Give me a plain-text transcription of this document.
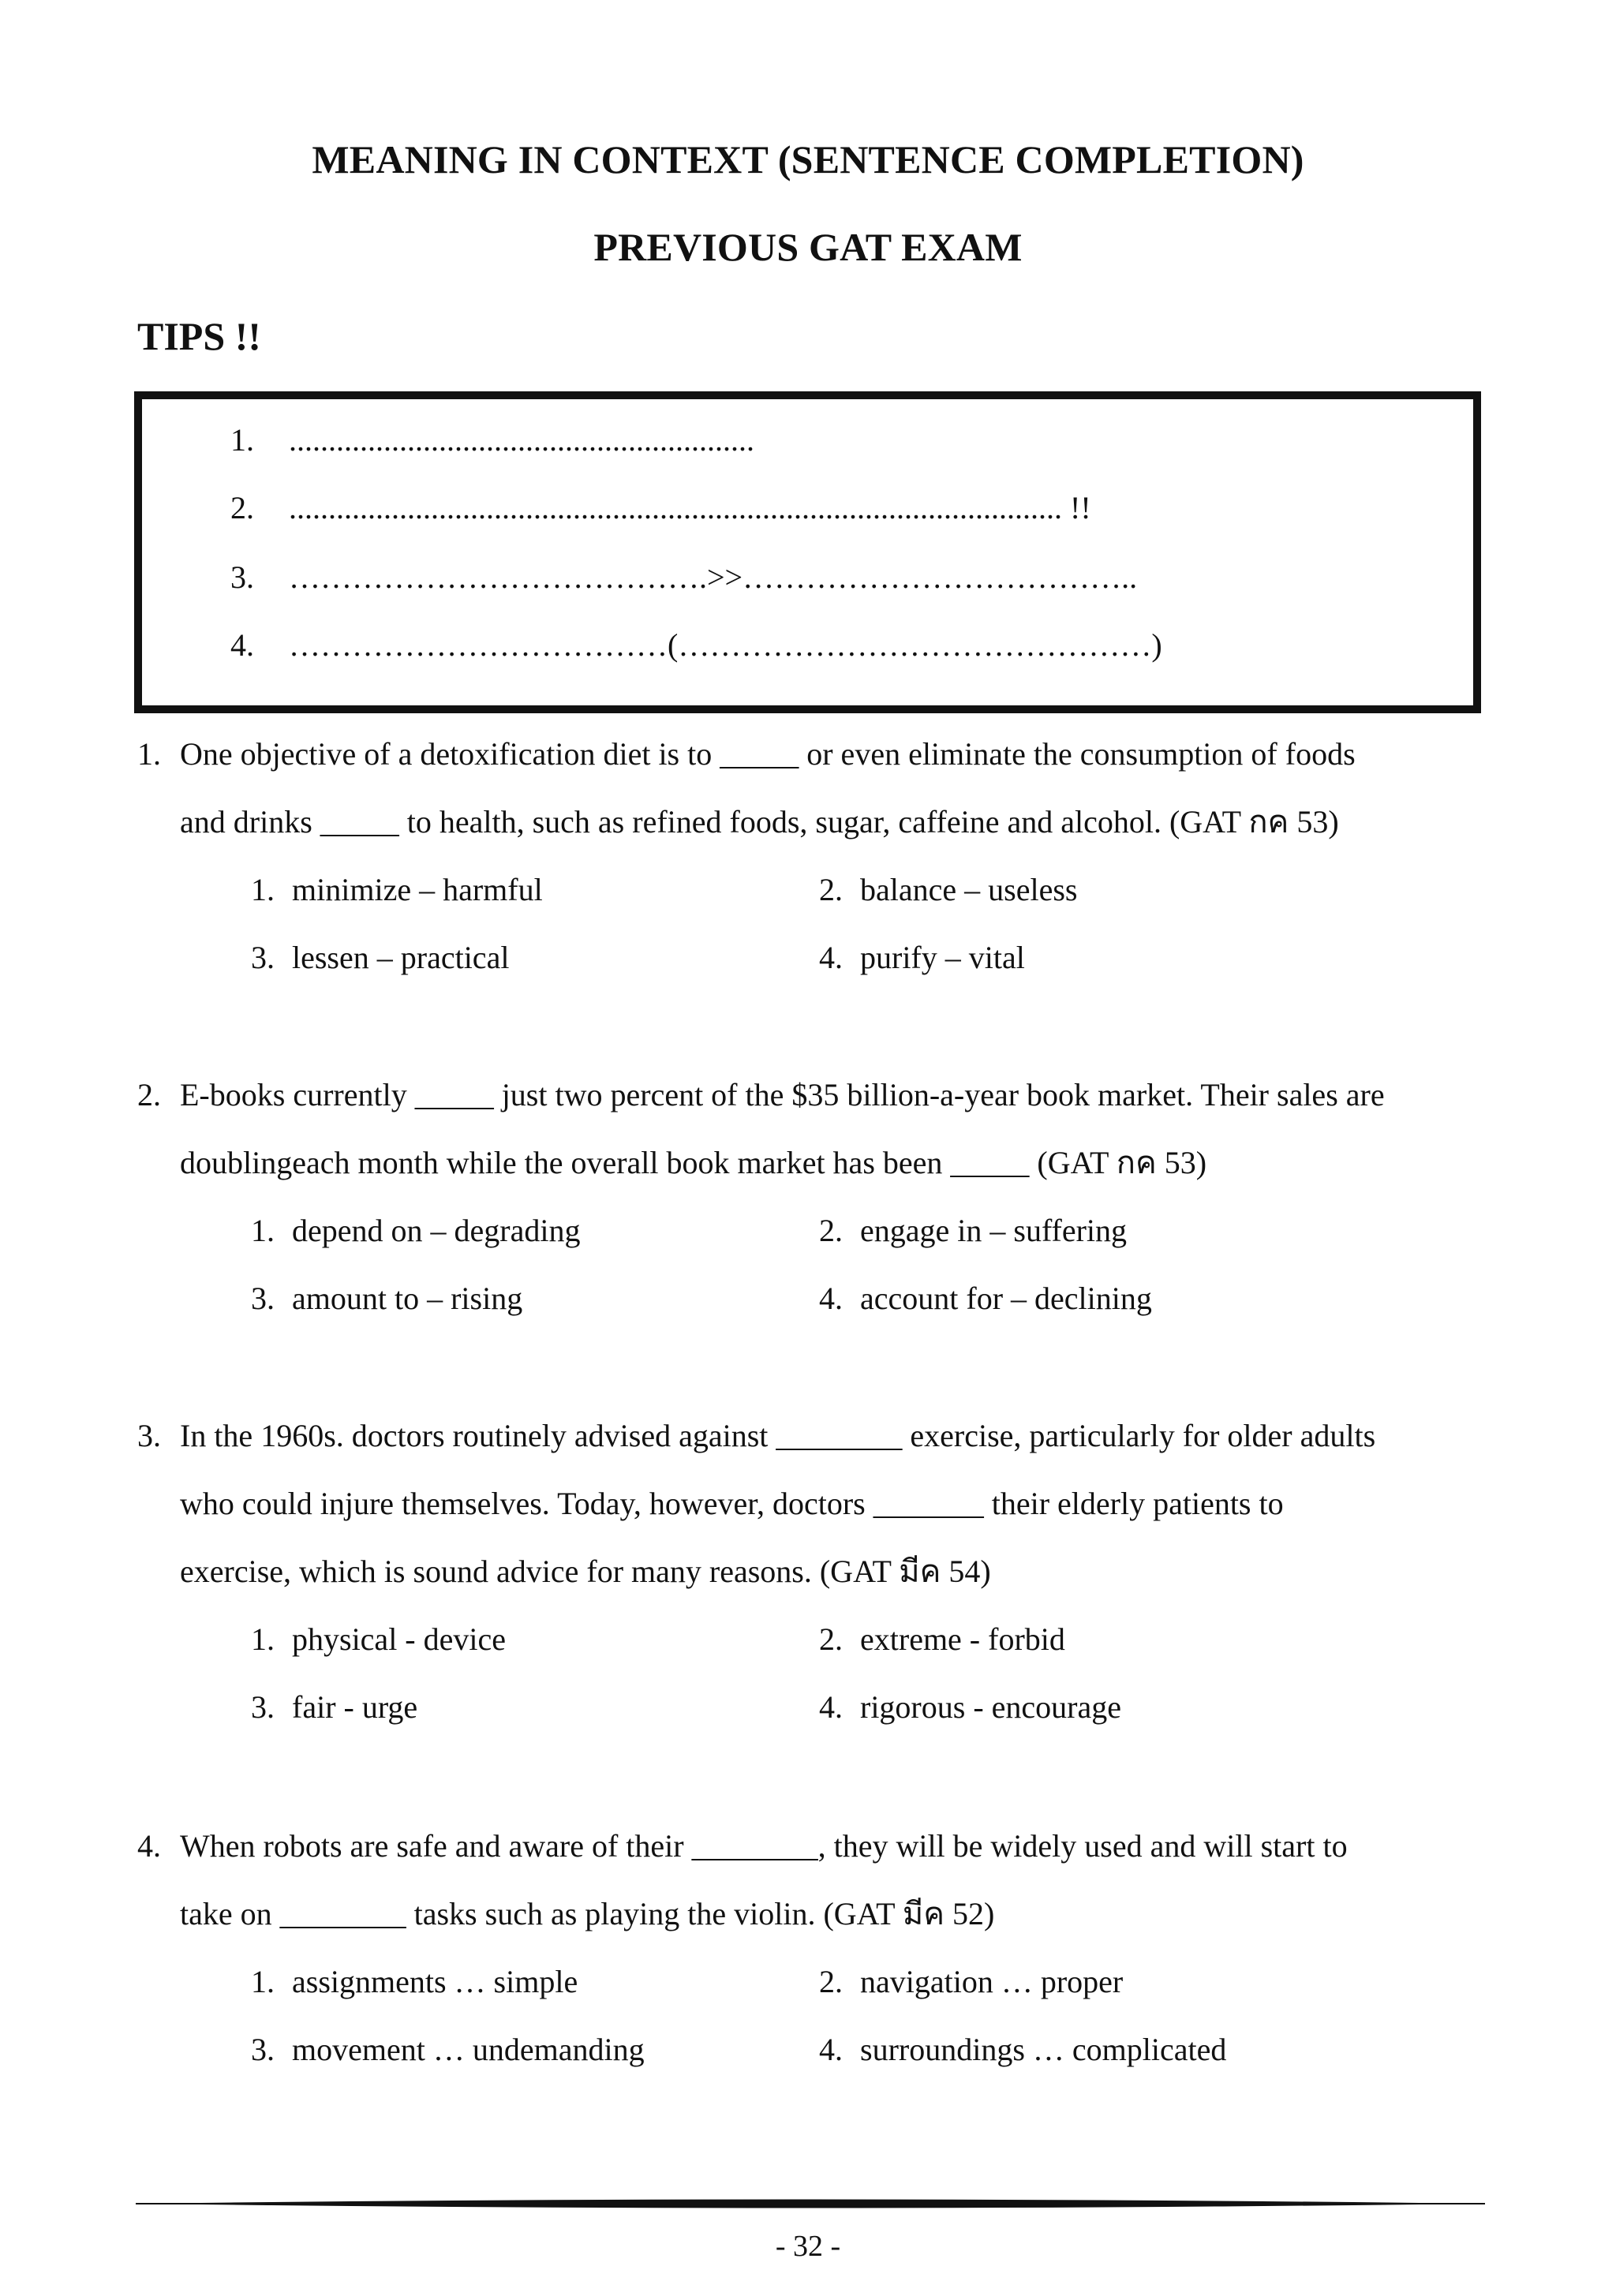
MEANING IN CONTEXT (SENTENCE COMPLETION)
PREVIOUS GAT EXAM
TIPS !!
1. ...........................................................
2. .................................................................................................. !!
3. ………………………………….>>………………………………..
4. ………………………………(………………………………………)
1. One objective of a detoxification diet is to _____ or even eliminate the consumption of foods
and drinks _____ to health, such as refined foods, sugar, caffeine and alcohol. (GAT กค 53)
1. minimize – harmful	2. balance – useless
3. lessen – practical	4. purify – vital
2. E-books currently _____ just two percent of the $35 billion-a-year book market. Their sales are
doublingeach month while the overall book market has been _____ (GAT กค 53)
1. depend on – degrading	2. engage in – suffering
3. amount to – rising	4. account for – declining
3. In the 1960s. doctors routinely advised against ________ exercise, particularly for older adults
who could injure themselves. Today, however, doctors _______ their elderly patients to
exercise, which is sound advice for many reasons. (GAT มีค 54)
1. physical - device	2. extreme - forbid
3. fair - urge	4. rigorous - encourage
4. When robots are safe and aware of their ________, they will be widely used and will start to
take on ________ tasks such as playing the violin. (GAT มีค 52)
1. assignments … simple	2. navigation … proper
3. movement … undemanding	4. surroundings … complicated
- 32 -
